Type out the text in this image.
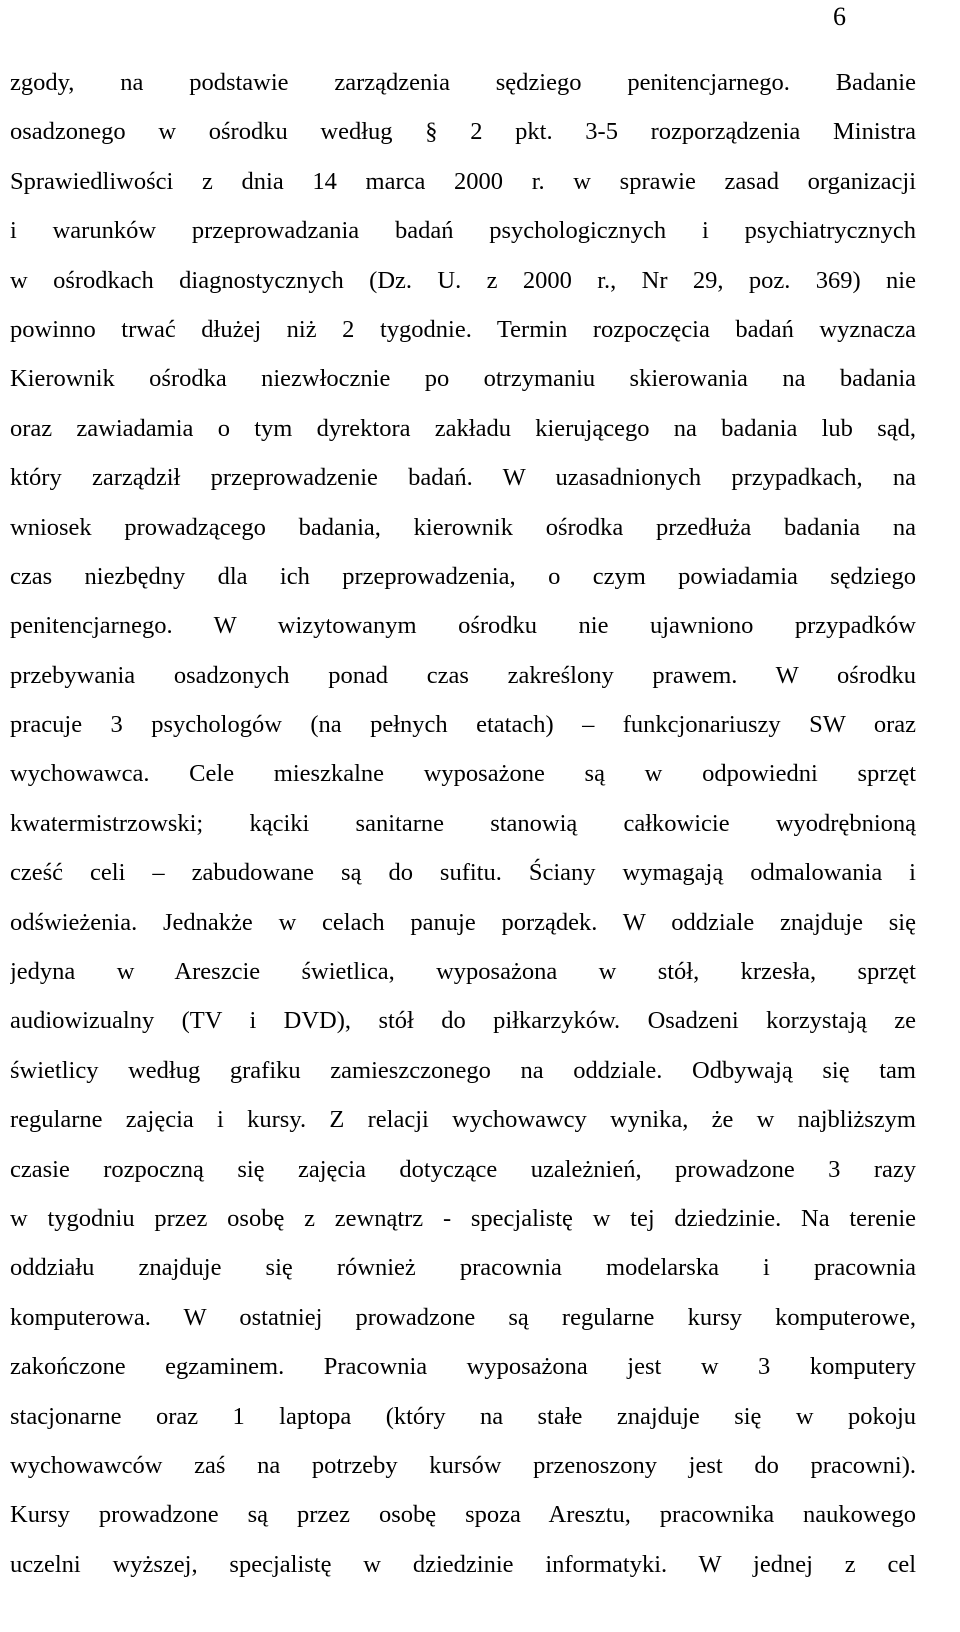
6
zgody, na podstawie zarządzenia sędziego penitencjarnego. Badanie
osadzonego w ośrodku według § 2 pkt. 3-5 rozporządzenia Ministra
Sprawiedliwości z dnia 14 marca 2000 r. w sprawie zasad organizacji
i warunków przeprowadzania badań psychologicznych i psychiatrycznych
w ośrodkach diagnostycznych (Dz. U. z 2000 r., Nr 29, poz. 369) nie
powinno trwać dłużej niż 2 tygodnie. Termin rozpoczęcia badań wyznacza
Kierownik ośrodka niezwłocznie po otrzymaniu skierowania na badania
oraz zawiadamia o tym dyrektora zakładu kierującego na badania lub sąd,
który zarządził przeprowadzenie badań. W uzasadnionych przypadkach, na
wniosek prowadzącego badania, kierownik ośrodka przedłuża badania na
czas niezbędny dla ich przeprowadzenia, o czym powiadamia sędziego
penitencjarnego. W wizytowanym ośrodku nie ujawniono przypadków
przebywania osadzonych ponad czas zakreślony prawem. W ośrodku
pracuje 3 psychologów (na pełnych etatach) – funkcjonariuszy SW oraz
wychowawca. Cele mieszkalne wyposażone są w odpowiedni sprzęt
kwatermistrzowski; kąciki sanitarne stanowią całkowicie wyodrębnioną
cześć celi – zabudowane są do sufitu. Ściany wymagają odmalowania i
odświeżenia. Jednakże w celach panuje porządek. W oddziale znajduje się
jedyna w Areszcie świetlica, wyposażona w stół, krzesła, sprzęt
audiowizualny (TV i DVD), stół do piłkarzyków. Osadzeni korzystają ze
świetlicy według grafiku zamieszczonego na oddziale. Odbywają się tam
regularne zajęcia i kursy. Z relacji wychowawcy wynika, że w najbliższym
czasie rozpoczną się zajęcia dotyczące uzależnień, prowadzone 3 razy
w tygodniu przez osobę z zewnątrz - specjalistę w tej dziedzinie. Na terenie
oddziału znajduje się również pracownia modelarska i pracownia
komputerowa. W ostatniej prowadzone są regularne kursy komputerowe,
zakończone egzaminem. Pracownia wyposażona jest w 3 komputery
stacjonarne oraz 1 laptopa (który na stałe znajduje się w pokoju
wychowawców zaś na potrzeby kursów przenoszony jest do pracowni).
Kursy prowadzone są przez osobę spoza Aresztu, pracownika naukowego
uczelni wyższej, specjalistę w dziedzinie informatyki. W jednej z cel
